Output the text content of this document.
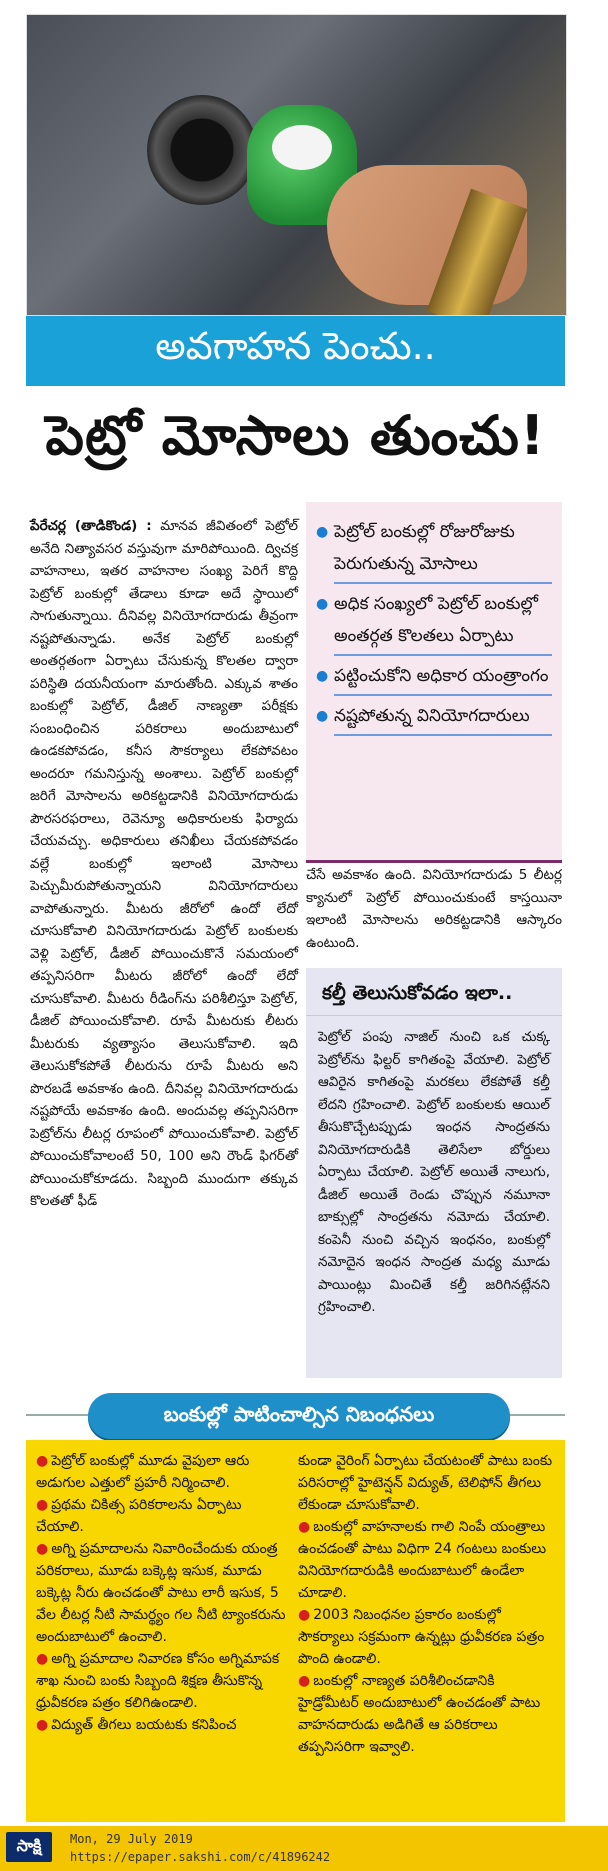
అవగాహన పెంచు..
పెట్రో మోసాలు తుంచు!
పేరేచర్ల (తాడికొండ) : మానవ జీవితంలో పెట్రోల్ అనేది నిత్యావసర వస్తువుగా మారిపోయింది. ద్విచక్ర వాహనాలు, ఇతర వాహనాల సంఖ్య పెరిగే కొద్ది పెట్రోల్ బంకుల్లో తేడాలు కూడా అదే స్థాయిలో సాగుతున్నాయి. దీనివల్ల వినియోగదారుడు తీవ్రంగా నష్టపోతున్నాడు. అనేక పెట్రోల్ బంకుల్లో అంతర్గతంగా ఏర్పాటు చేసుకున్న కొలతల ద్వారా పరిస్థితి దయనీయంగా మారుతోంది. ఎక్కువ శాతం బంకుల్లో పెట్రోల్, డీజిల్ నాణ్యతా పరీక్షకు సంబంధించిన పరికరాలు అందుబాటులో ఉండకపోవడం, కనీస సౌకర్యాలు లేకపోవటం అందరూ గమనిస్తున్న అంశాలు. పెట్రోల్ బంకుల్లో జరిగే మోసాలను అరికట్టడానికి వినియోగదారుడు పౌరసరఫరాలు, రెవెన్యూ అధికారులకు ఫిర్యాదు చేయవచ్చు. అధికారులు తనిఖీలు చేయకపోవడం వల్లే బంకుల్లో ఇలాంటి మోసాలు పెచ్చుమీరుపోతున్నాయని వినియోగదారులు వాపోతున్నారు. మీటరు జీరోలో ఉందో లేదో చూసుకోవాలి వినియోగదారుడు పెట్రోల్ బంకులకు వెళ్లి పెట్రోల్, డీజిల్ పోయించుకొనే సమయంలో తప్పనిసరిగా మీటరు జీరోలో ఉందో లేదో చూసుకోవాలి. మీటరు రీడింగ్‌ను పరిశీలిస్తూ పెట్రోల్, డీజిల్ పోయించుకోవాలి. రూపే మీటరుకు లీటరు మీటరుకు వ్యత్యాసం తెలుసుకోవాలి. ఇది తెలుసుకోకపోతే లీటరును రూపే మీటరు అని పొరబడే అవకాశం ఉంది. దీనివల్ల వినియోగదారుడు నష్టపోయే అవకాశం ఉంది. అందువల్ల తప్పనిసరిగా పెట్రోల్‌ను లీటర్ల రూపంలో పోయించుకోవాలి. పెట్రోల్ పోయించుకోవాలంటే 50, 100 అని రౌండ్ ఫిగర్‌తో పోయించుకోకూడదు. సిబ్బంది ముందుగా తక్కువ కొలతతో ఫీడ్
● పెట్రోల్ బంకుల్లో రోజురోజుకు పెరుగుతున్న మోసాలు
● అధిక సంఖ్యలో పెట్రోల్ బంకుల్లో అంతర్గత కొలతలు ఏర్పాటు
● పట్టించుకోని అధికార యంత్రాంగం
● నష్టపోతున్న వినియోగదారులు
చేసే అవకాశం ఉంది. వినియోగదారుడు 5 లీటర్ల క్యానులో పెట్రోల్ పోయించుకుంటే కాస్తయినా ఇలాంటి మోసాలను అరికట్టడానికి ఆస్కారం ఉంటుంది.
కల్తీ తెలుసుకోవడం ఇలా..
పెట్రోల్ పంపు నాజిల్ నుంచి ఒక చుక్క పెట్రోల్‌ను ఫిల్టర్ కాగితంపై వేయాలి. పెట్రోల్ ఆవిరైన కాగితంపై మరకలు లేకపోతే కల్తీ లేదని గ్రహించాలి. పెట్రోల్ బంకులకు ఆయిల్ తీసుకొచ్చేటప్పుడు ఇంధన సాంద్రతను వినియోగదారుడికి తెలిసేలా బోర్డులు ఏర్పాటు చేయాలి. పెట్రోల్ అయితే నాలుగు, డీజిల్ అయితే రెండు చొప్పున నమూనా బాక్సుల్లో సాంద్రతను నమోదు చేయాలి. కంపెనీ నుంచి వచ్చిన ఇంధనం, బంకుల్లో నమోదైన ఇంధన సాంద్రత మధ్య మూడు పాయింట్లు మించితే కల్తీ జరిగినట్లేనని గ్రహించాలి.
బంకుల్లో పాటించాల్సిన నిబంధనలు
● పెట్రోల్ బంకుల్లో మూడు వైపులా ఆరు అడుగుల ఎత్తులో ప్రహరీ నిర్మించాలి.
● ప్రథమ చికిత్స పరికరాలను ఏర్పాటు చేయాలి.
● అగ్ని ప్రమాదాలను నివారించేందుకు యంత్ర పరికరాలు, మూడు బక్కెట్ల ఇసుక, మూడు బక్కెట్ల నీరు ఉంచడంతో పాటు లారీ ఇసుక, 5 వేల లీటర్ల నీటి సామర్థ్యం గల నీటి ట్యాంకరును అందుబాటులో ఉంచాలి.
● అగ్ని ప్రమాదాల నివారణ కోసం అగ్నిమాపక శాఖ నుంచి బంకు సిబ్బంది శిక్షణ తీసుకొన్న ధ్రువీకరణ పత్రం కలిగిఉండాలి.
● విద్యుత్ తీగలు బయటకు కనిపించ
కుండా వైరింగ్ ఏర్పాటు చేయటంతో పాటు బంకు పరిసరాల్లో హైటెన్షన్ విద్యుత్, టెలిఫోన్ తీగలు లేకుండా చూసుకోవాలి.
● బంకుల్లో వాహనాలకు గాలి నింపే యంత్రాలు ఉంచడంతో పాటు విధిగా 24 గంటలు బంకులు వినియోగదారుడికి అందుబాటులో ఉండేలా చూడాలి.
● 2003 నిబంధనల ప్రకారం బంకుల్లో సౌకర్యాలు సక్రమంగా ఉన్నట్లు ధ్రువీకరణ పత్రం పొంది ఉండాలి.
● బంకుల్లో నాణ్యత పరిశీలించడానికి హైడ్రోమీటర్ అందుబాటులో ఉంచడంతో పాటు వాహనదారుడు అడిగితే ఆ పరికరాలు తప్పనిసరిగా ఇవ్వాలి.
సాక్షి	Mon, 29 July 2019
https://epaper.sakshi.com/c/41896242
